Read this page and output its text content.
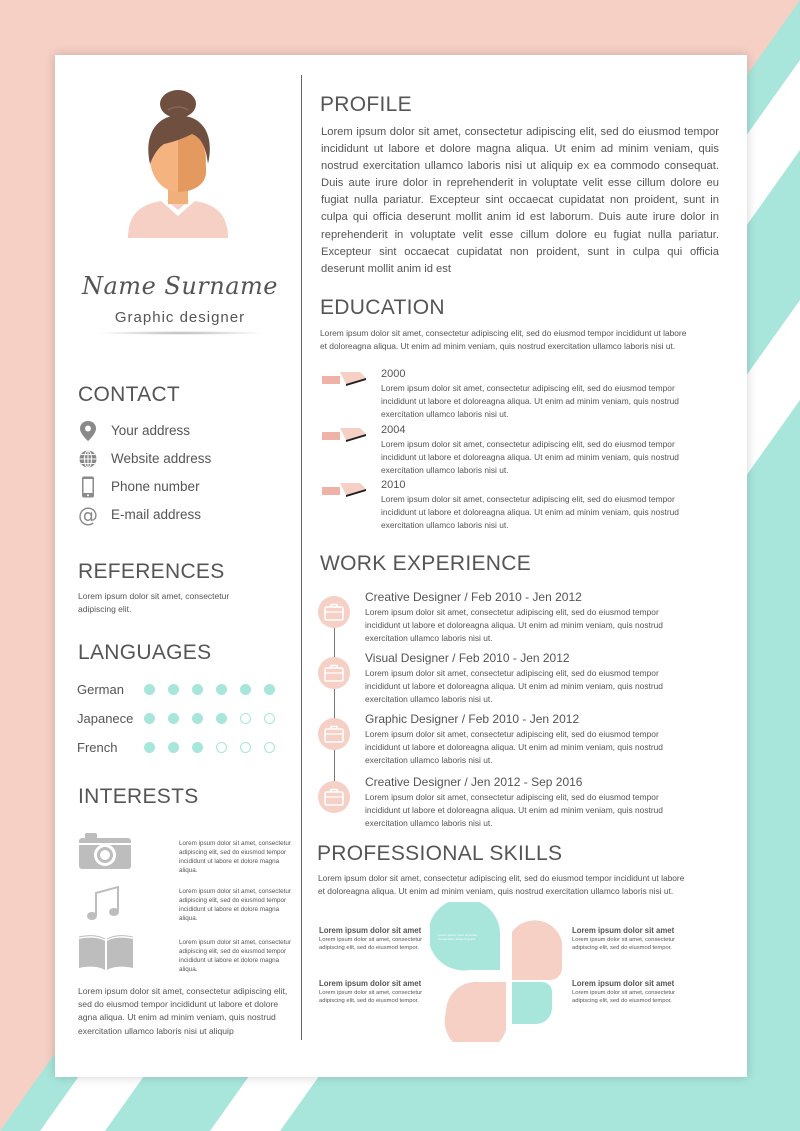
Name Surname
Graphic designer
CONTACT
Your address
Website address
Phone number
@ E-mail address
REFERENCES
Lorem ipsum dolor sit amet, consectetur adipiscing elit.
LANGUAGES
German
Japanece
French
INTERESTS
Lorem ipsum dolor sit amet, consectetur adipiscing elit, sed do eiusmod tempor incididunt ut labore et dolore magna aliqua.
Lorem ipsum dolor sit amet, consectetur adipiscing elit, sed do eiusmod tempor incididunt ut labore et dolore magna aliqua.
Lorem ipsum dolor sit amet, consectetur adipiscing elit, sed do eiusmod tempor incididunt ut labore et dolore magna aliqua.
Lorem ipsum dolor sit amet, consectetur adipiscing elit, sed do eiusmod tempor incididunt ut labore et dolore agna aliqua. Ut enim ad minim veniam, quis nostrud exercitation ullamco laboris nisi ut aliquip
PROFILE
Lorem ipsum dolor sit amet, consectetur adipiscing elit, sed do eiusmod tempor incididunt ut labore et dolore magna aliqua. Ut enim ad minim veniam, quis nostrud exercitation ullamco laboris nisi ut aliquip ex ea commodo consequat. Duis aute irure dolor in reprehenderit in voluptate velit esse cillum dolore eu fugiat nulla pariatur. Excepteur sint occaecat cupidatat non proident, sunt in culpa qui officia deserunt mollit anim id est laborum. Duis aute irure dolor in reprehenderit in voluptate velit esse cillum dolore eu fugiat nulla pariatur. Excepteur sint occaecat cupidatat non proident, sunt in culpa qui officia deserunt mollit anim id est
EDUCATION
Lorem ipsum dolor sit amet, consectetur adipiscing elit, sed do eiusmod tempor incididunt ut labore et doloreagna aliqua. Ut enim ad minim veniam, quis nostrud exercitation ullamco laboris nisi ut.
2000
Lorem ipsum dolor sit amet, consectetur adipiscing elit, sed do eiusmod tempor incididunt ut labore et doloreagna aliqua. Ut enim ad minim veniam, quis nostrud exercitation ullamco laboris nisi ut.
2004
Lorem ipsum dolor sit amet, consectetur adipiscing elit, sed do eiusmod tempor incididunt ut labore et doloreagna aliqua. Ut enim ad minim veniam, quis nostrud exercitation ullamco laboris nisi ut.
2010
Lorem ipsum dolor sit amet, consectetur adipiscing elit, sed do eiusmod tempor incididunt ut labore et doloreagna aliqua. Ut enim ad minim veniam, quis nostrud exercitation ullamco laboris nisi ut.
WORK EXPERIENCE
Creative Designer / Feb 2010 - Jen 2012
Lorem ipsum dolor sit amet, consectetur adipiscing elit, sed do eiusmod tempor incididunt ut labore et doloreagna aliqua. Ut enim ad minim veniam, quis nostrud exercitation ullamco laboris nisi ut.
Visual Designer / Feb 2010 - Jen 2012
Lorem ipsum dolor sit amet, consectetur adipiscing elit, sed do eiusmod tempor incididunt ut labore et doloreagna aliqua. Ut enim ad minim veniam, quis nostrud exercitation ullamco laboris nisi ut.
Graphic Designer / Feb 2010 - Jen 2012
Lorem ipsum dolor sit amet, consectetur adipiscing elit, sed do eiusmod tempor incididunt ut labore et doloreagna aliqua. Ut enim ad minim veniam, quis nostrud exercitation ullamco laboris nisi ut.
Creative Designer / Jen 2012 - Sep 2016
Lorem ipsum dolor sit amet, consectetur adipiscing elit, sed do eiusmod tempor incididunt ut labore et doloreagna aliqua. Ut enim ad minim veniam, quis nostrud exercitation ullamco laboris nisi ut.
PROFESSIONAL SKILLS
Lorem ipsum dolor sit amet, consectetur adipiscing elit, sed do eiusmod tempor incididunt ut labore et doloreagna aliqua. Ut enim ad minim veniam, quis nostrud exercitation ullamco laboris nisi ut.
Lorem ipsum dolor sit amet,
consectetur adipiscing elit.
Lorem ipsum dolor sit amet
Lorem ipsum dolor sit amet, consectetur adipiscing elit, sed do eiusmod tempor.
Lorem ipsum dolor sit amet
Lorem ipsum dolor sit amet, consectetur adipiscing elit, sed do eiusmod tempor.
Lorem ipsum dolor sit amet
Lorem ipsum dolor sit amet, consectetur adipiscing elit, sed do eiusmod tempor.
Lorem ipsum dolor sit amet
Lorem ipsum dolor sit amet, consectetur adipiscing elit, sed do eiusmod tempor.
